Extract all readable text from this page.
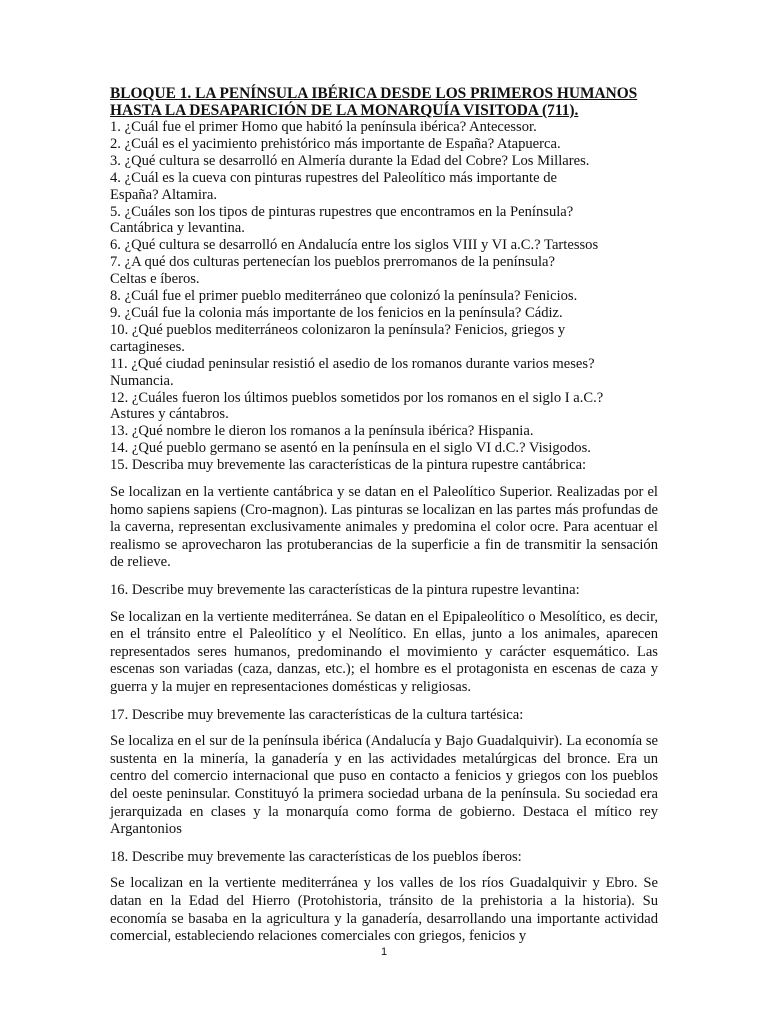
BLOQUE 1. LA PENÍNSULA IBÉRICA DESDE LOS PRIMEROS HUMANOS

HASTA LA DESAPARICIÓN DE LA MONARQUÍA VISITODA (711).

1. ¿Cuál fue el primer Homo que habitó la península ibérica? Antecessor.

2. ¿Cuál es el yacimiento prehistórico más importante de España? Atapuerca.

3. ¿Qué cultura se desarrolló en Almería durante la Edad del Cobre? Los Millares.

4. ¿Cuál es la cueva con pinturas rupestres del Paleolítico más importante de

España? Altamira.

5. ¿Cuáles son los tipos de pinturas rupestres que encontramos en la Península?

Cantábrica y levantina.

6. ¿Qué cultura se desarrolló en Andalucía entre los siglos VIII y VI a.C.? Tartessos

7. ¿A qué dos culturas pertenecían los pueblos prerromanos de la península?

Celtas e íberos.

8. ¿Cuál fue el primer pueblo mediterráneo que colonizó la península? Fenicios.

9. ¿Cuál fue la colonia más importante de los fenicios en la península? Cádiz.

10. ¿Qué pueblos mediterráneos colonizaron la península? Fenicios, griegos y

cartagineses.

11. ¿Qué ciudad peninsular resistió el asedio de los romanos durante varios meses?

Numancia.

12. ¿Cuáles fueron los últimos pueblos sometidos por los romanos en el siglo I a.C.?

Astures y cántabros.

13. ¿Qué nombre le dieron los romanos a la península ibérica? Hispania.

14. ¿Qué pueblo germano se asentó en la península en el siglo VI d.C.? Visigodos.

15. Describa muy brevemente las características de la pintura rupestre cantábrica:

Se localizan en la vertiente cantábrica y se datan en el Paleolítico Superior. Realizadas por el homo sapiens sapiens (Cro-magnon). Las pinturas se localizan en las partes más profundas de la caverna, representan exclusivamente animales y predomina el color ocre. Para acentuar el realismo se aprovecharon las protuberancias de la superficie a fin de transmitir la sensación de relieve.

16. Describe muy brevemente las características de la pintura rupestre levantina:

Se localizan en la vertiente mediterránea. Se datan en el Epipaleolítico o Mesolítico, es decir, en el tránsito entre el Paleolítico y el Neolítico. En ellas, junto a los animales, aparecen representados seres humanos, predominando el movimiento y carácter esquemático. Las escenas son variadas (caza, danzas, etc.); el hombre es el protagonista en escenas de caza y guerra y la mujer en representaciones domésticas y religiosas.

17. Describe muy brevemente las características de la cultura tartésica:

Se localiza en el sur de la península ibérica (Andalucía y Bajo Guadalquivir). La economía se sustenta en la minería, la ganadería y en las actividades metalúrgicas del bronce. Era un centro del comercio internacional que puso en contacto a fenicios y griegos con los pueblos del oeste peninsular. Constituyó la primera sociedad urbana de la península. Su sociedad era jerarquizada en clases y la monarquía como forma de gobierno. Destaca el mítico rey Argantonios

18. Describe muy brevemente las características de los pueblos íberos:

Se localizan en la vertiente mediterránea y los valles de los ríos Guadalquivir y Ebro. Se datan en la Edad del Hierro (Protohistoria, tránsito de la prehistoria a la historia). Su economía se basaba en la agricultura y la ganadería, desarrollando una importante actividad comercial, estableciendo relaciones comerciales con griegos, fenicios y

1
